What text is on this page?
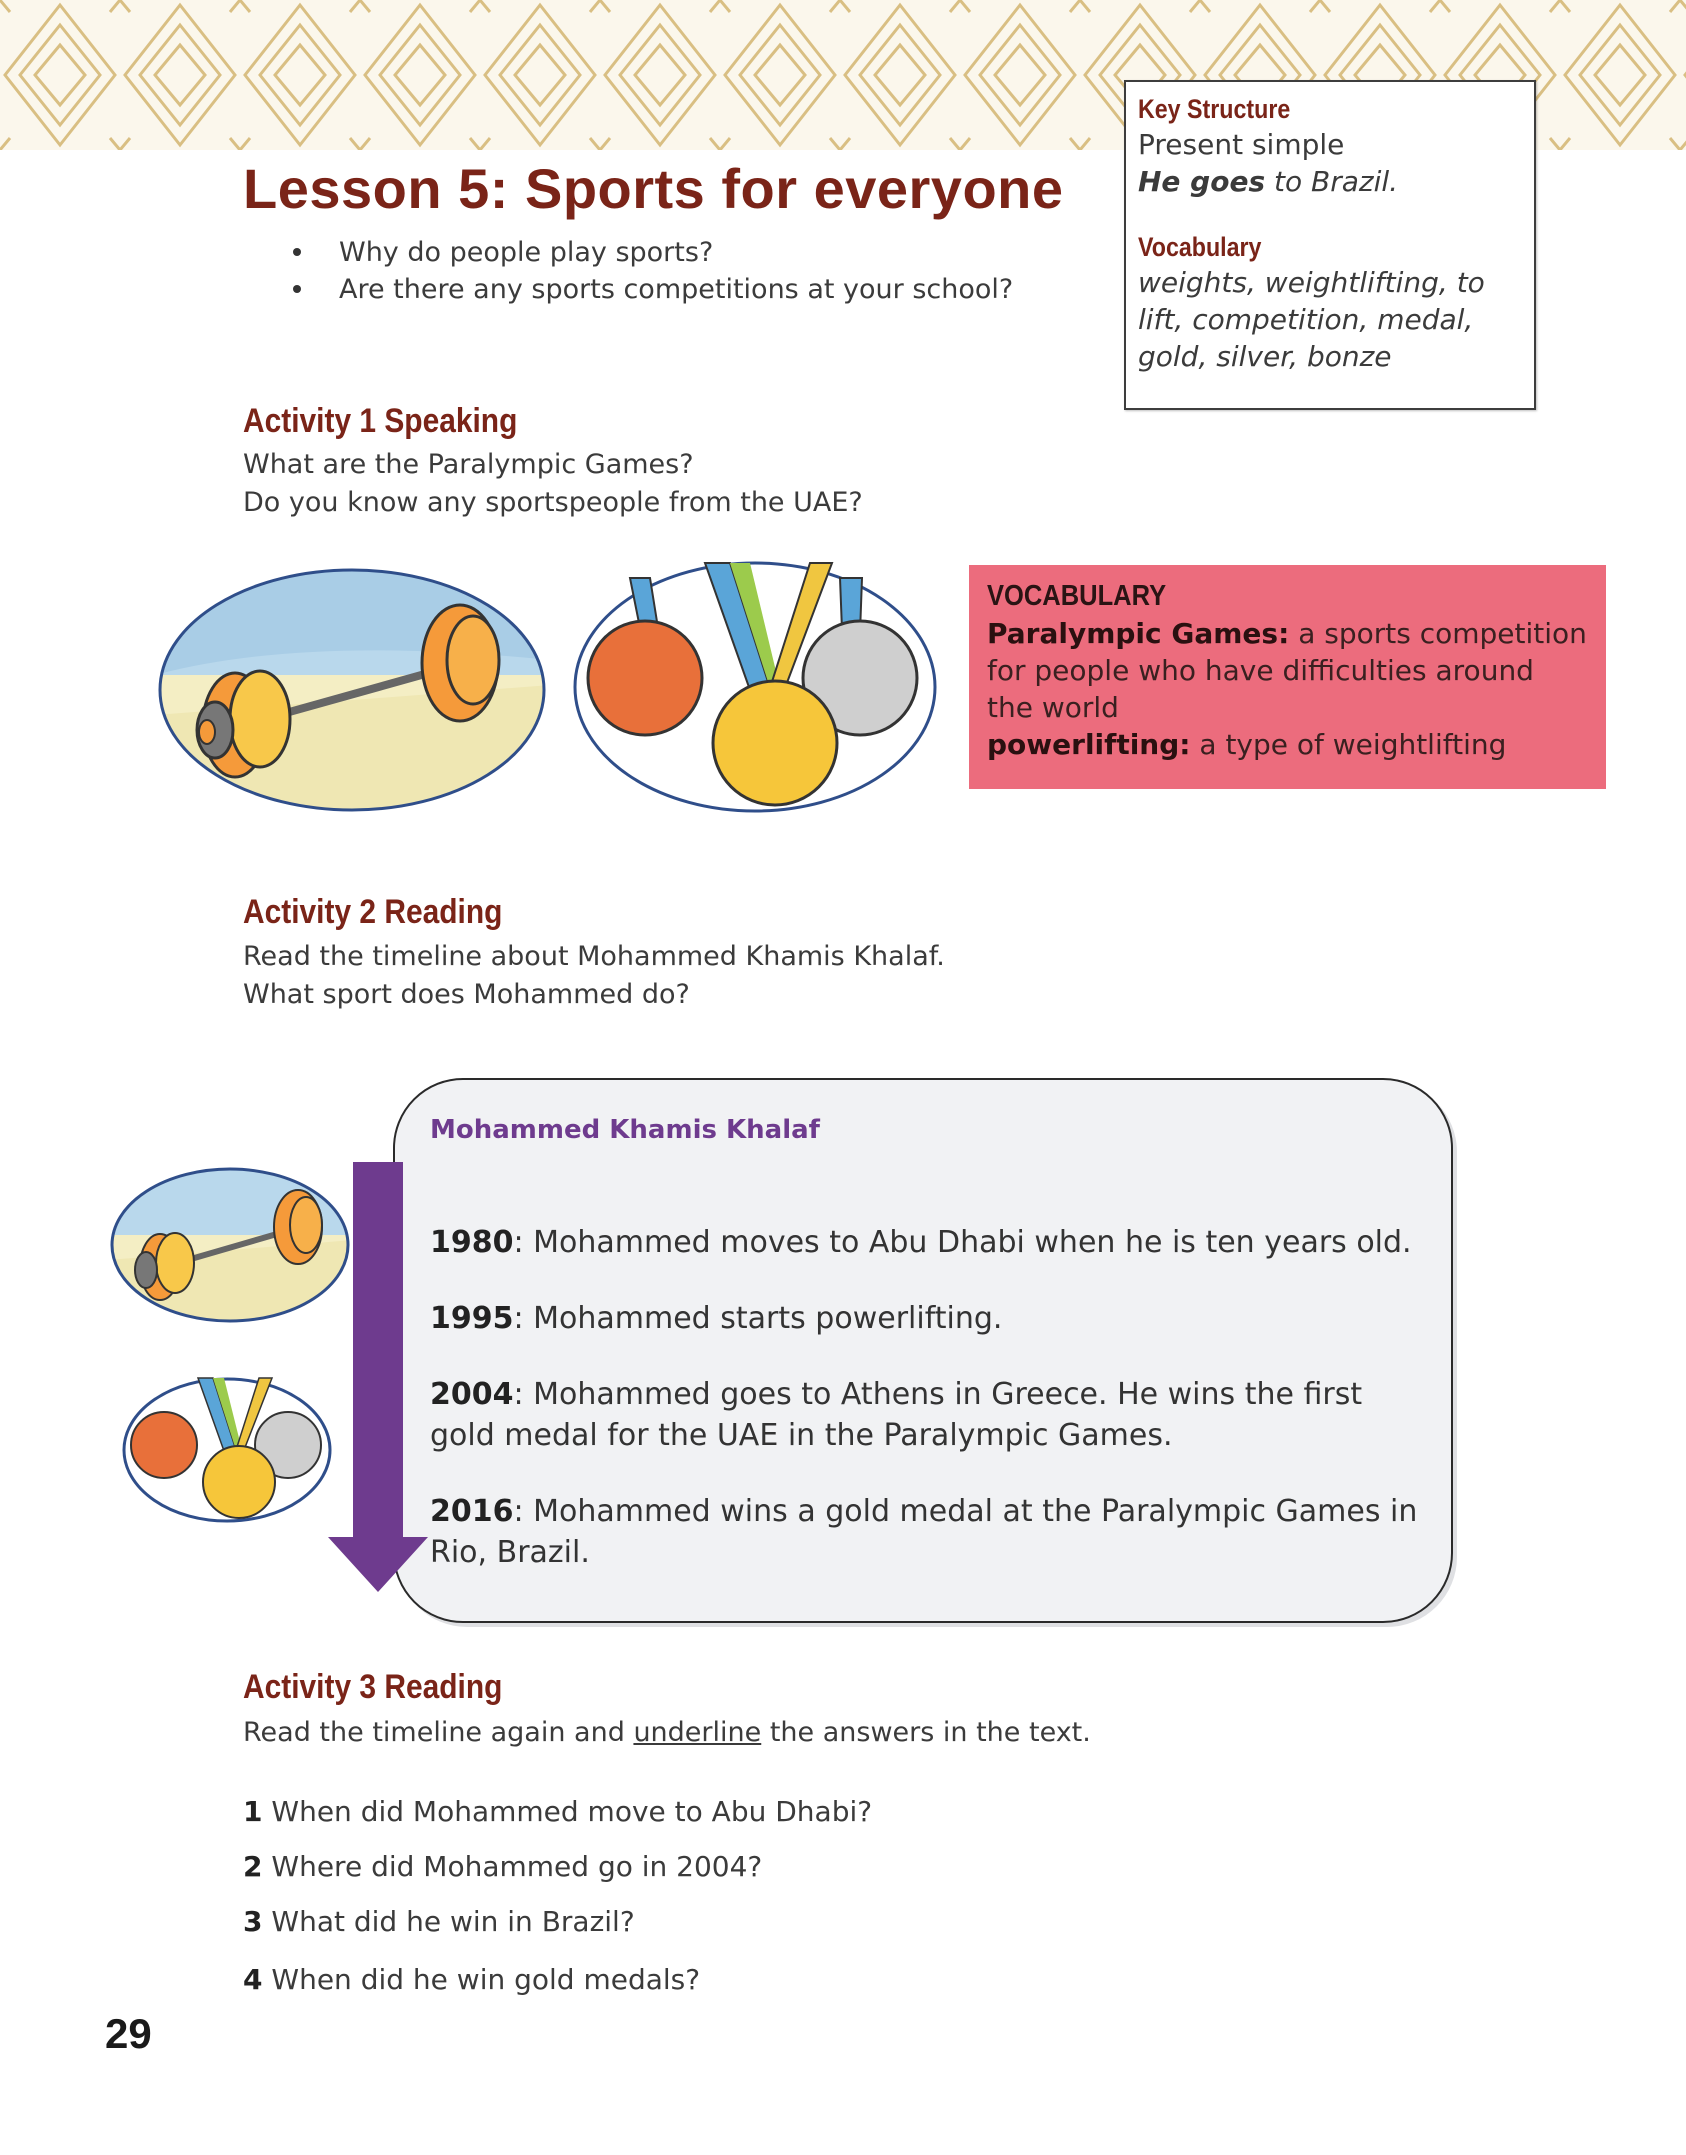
Lesson 5: Sports for everyone
Why do people play sports?
Are there any sports competitions at your school?
Key Structure
Present simple
He goes to Brazil.
Vocabulary
weights, weightlifting, to
lift, competition, medal,
gold, silver, bonze
Activity 1 Speaking
What are the Paralympic Games?
Do you know any sportspeople from the UAE?
VOCABULARY
Paralympic Games: a sports competition
for people who have difficulties around
the world
powerlifting: a type of weightlifting
Activity 2 Reading
Read the timeline about Mohammed Khamis Khalaf.
What sport does Mohammed do?
Mohammed Khamis Khalaf
1980: Mohammed moves to Abu Dhabi when he is ten years old.
1995: Mohammed starts powerlifting.
2004: Mohammed goes to Athens in Greece. He wins the first gold medal for the UAE in the Paralympic Games.
2016: Mohammed wins a gold medal at the Paralympic Games in Rio, Brazil.
Activity 3 Reading
Read the timeline again and underline the answers in the text.
1 When did Mohammed move to Abu Dhabi?
2 Where did Mohammed go in 2004?
3 What did he win in Brazil?
4 When did he win gold medals?
29
